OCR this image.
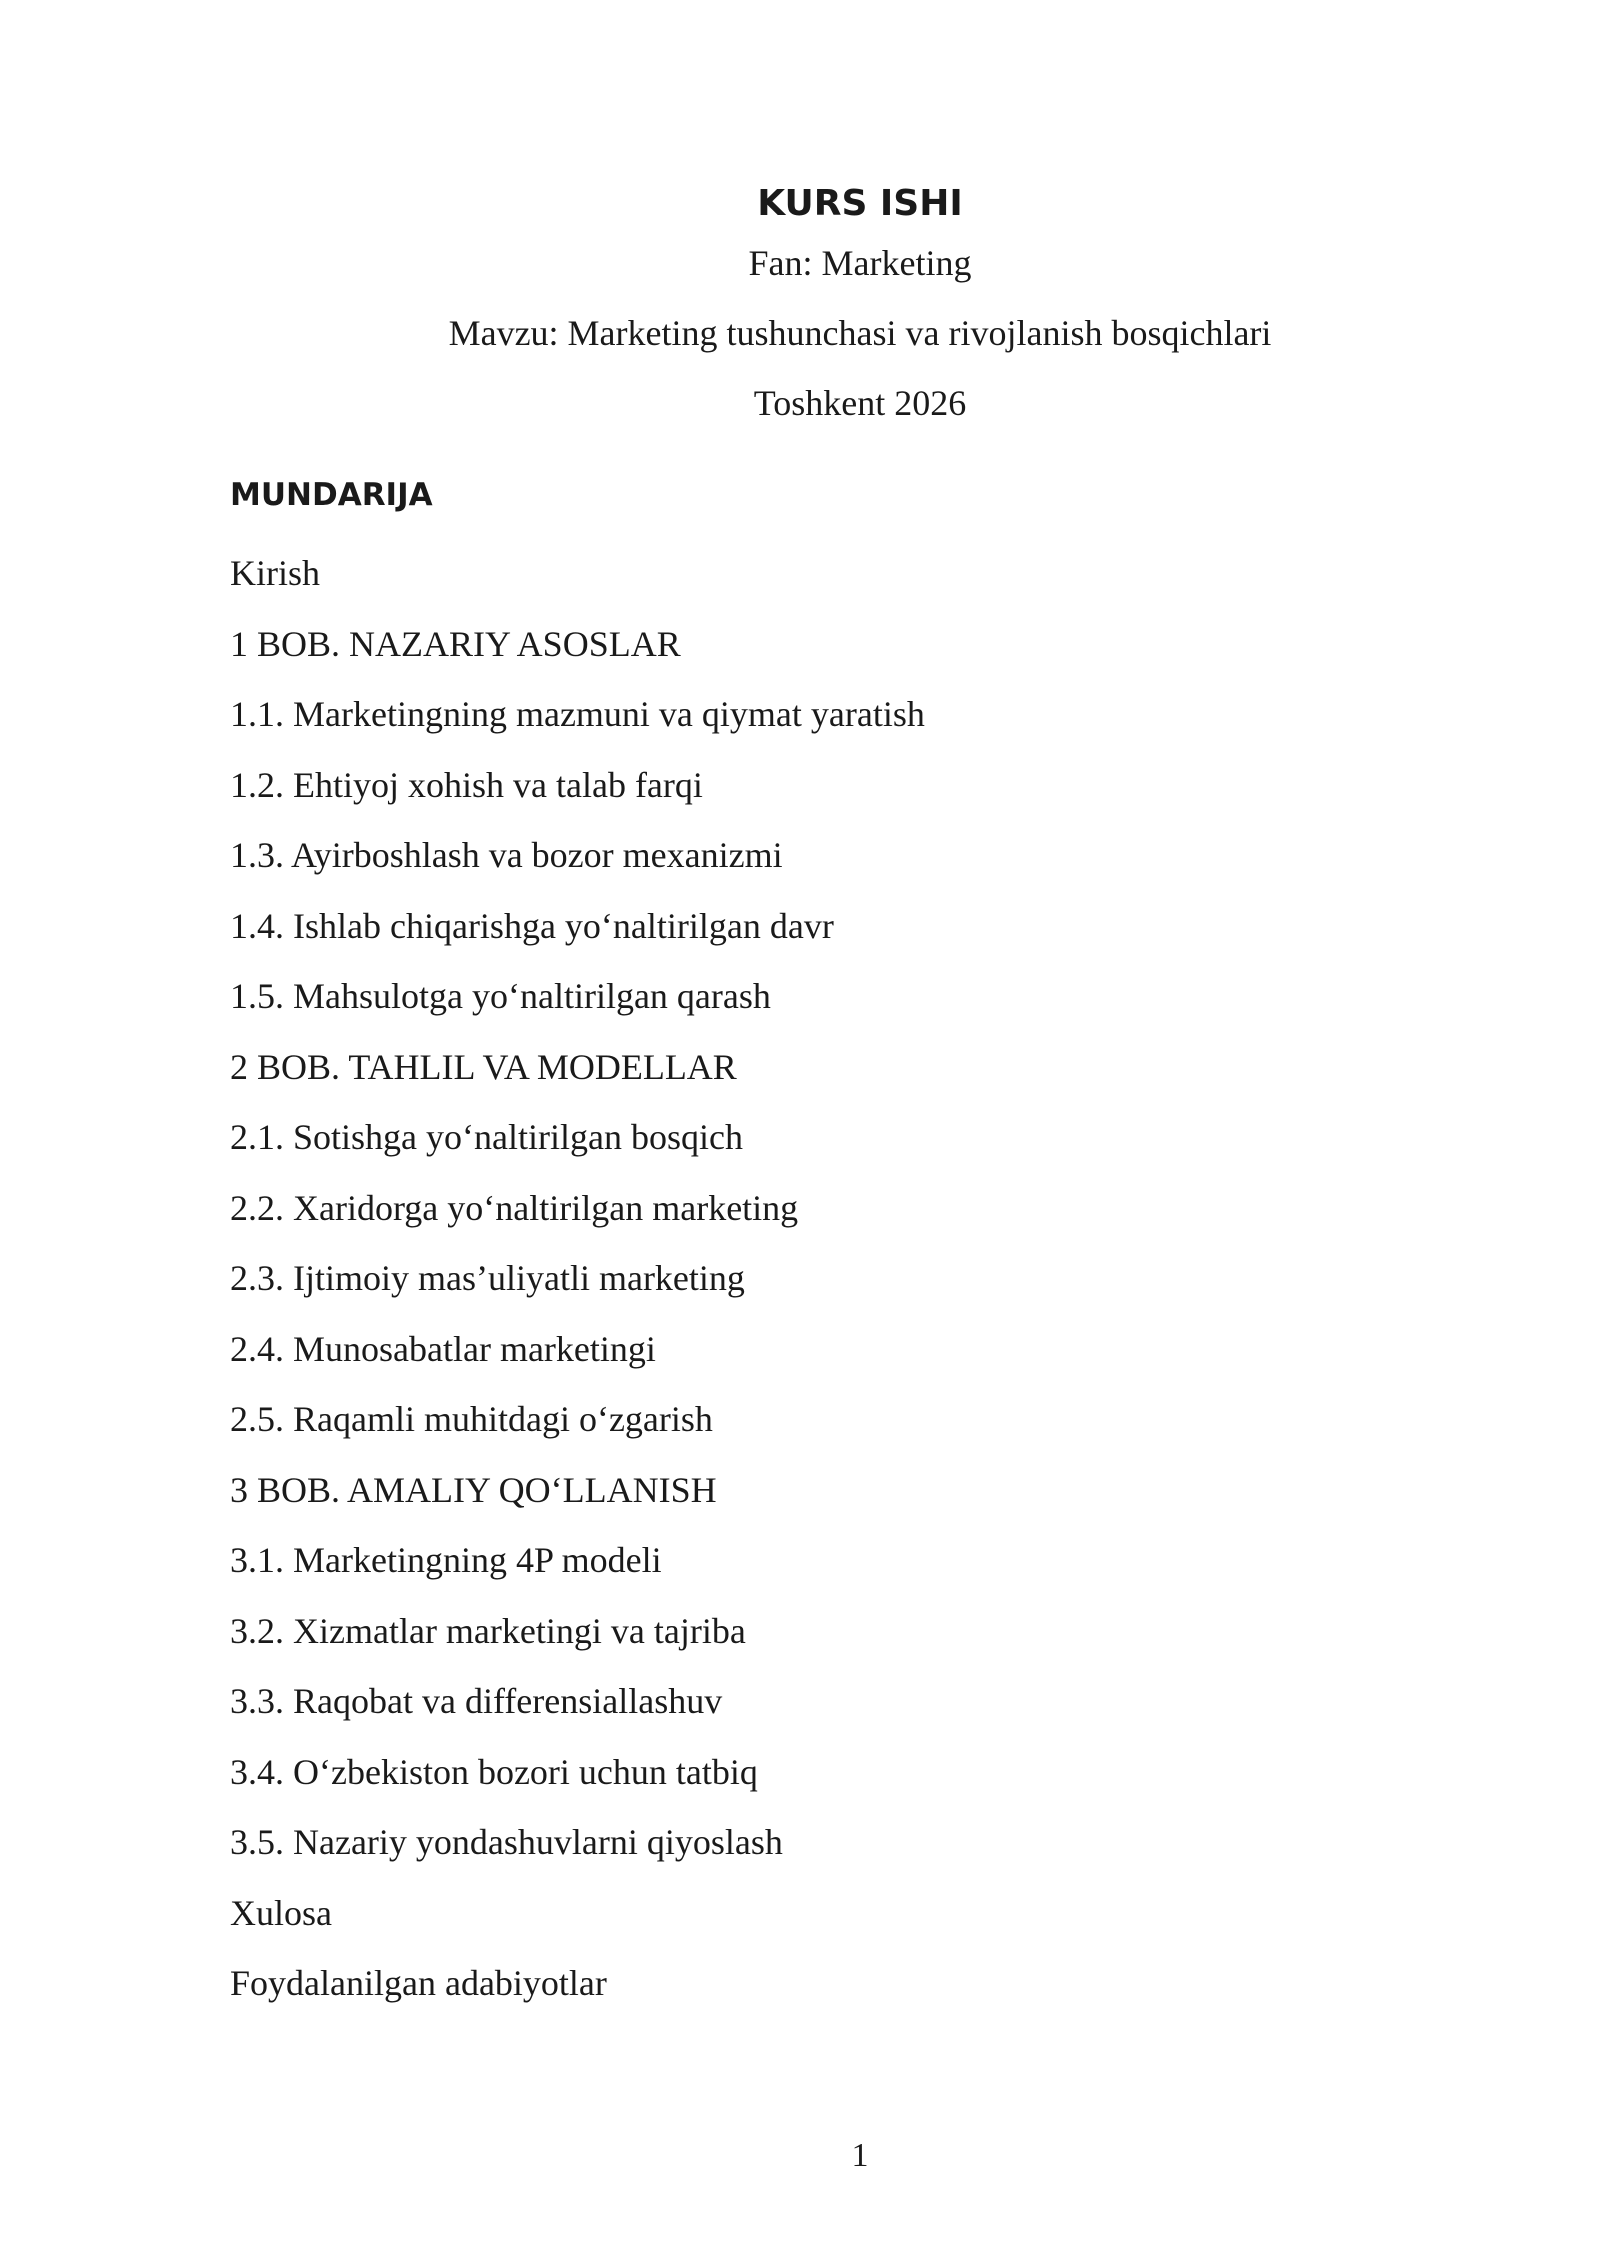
KURS ISHI

Fan: Marketing

Mavzu: Marketing tushunchasi va rivojlanish bosqichlari

Toshkent 2026

MUNDARIJA
Kirish
1 BOB. NAZARIY ASOSLAR
1.1. Marketingning mazmuni va qiymat yaratish
1.2. Ehtiyoj xohish va talab farqi
1.3. Ayirboshlash va bozor mexanizmi
1.4. Ishlab chiqarishga yo‘naltirilgan davr
1.5. Mahsulotga yo‘naltirilgan qarash
2 BOB. TAHLIL VA MODELLAR
2.1. Sotishga yo‘naltirilgan bosqich
2.2. Xaridorga yo‘naltirilgan marketing
2.3. Ijtimoiy mas’uliyatli marketing
2.4. Munosabatlar marketingi
2.5. Raqamli muhitdagi o‘zgarish
3 BOB. AMALIY QO‘LLANISH
3.1. Marketingning 4P modeli
3.2. Xizmatlar marketingi va tajriba
3.3. Raqobat va differensiallashuv
3.4. O‘zbekiston bozori uchun tatbiq
3.5. Nazariy yondashuvlarni qiyoslash
Xulosa
Foydalanilgan adabiyotlar

1
